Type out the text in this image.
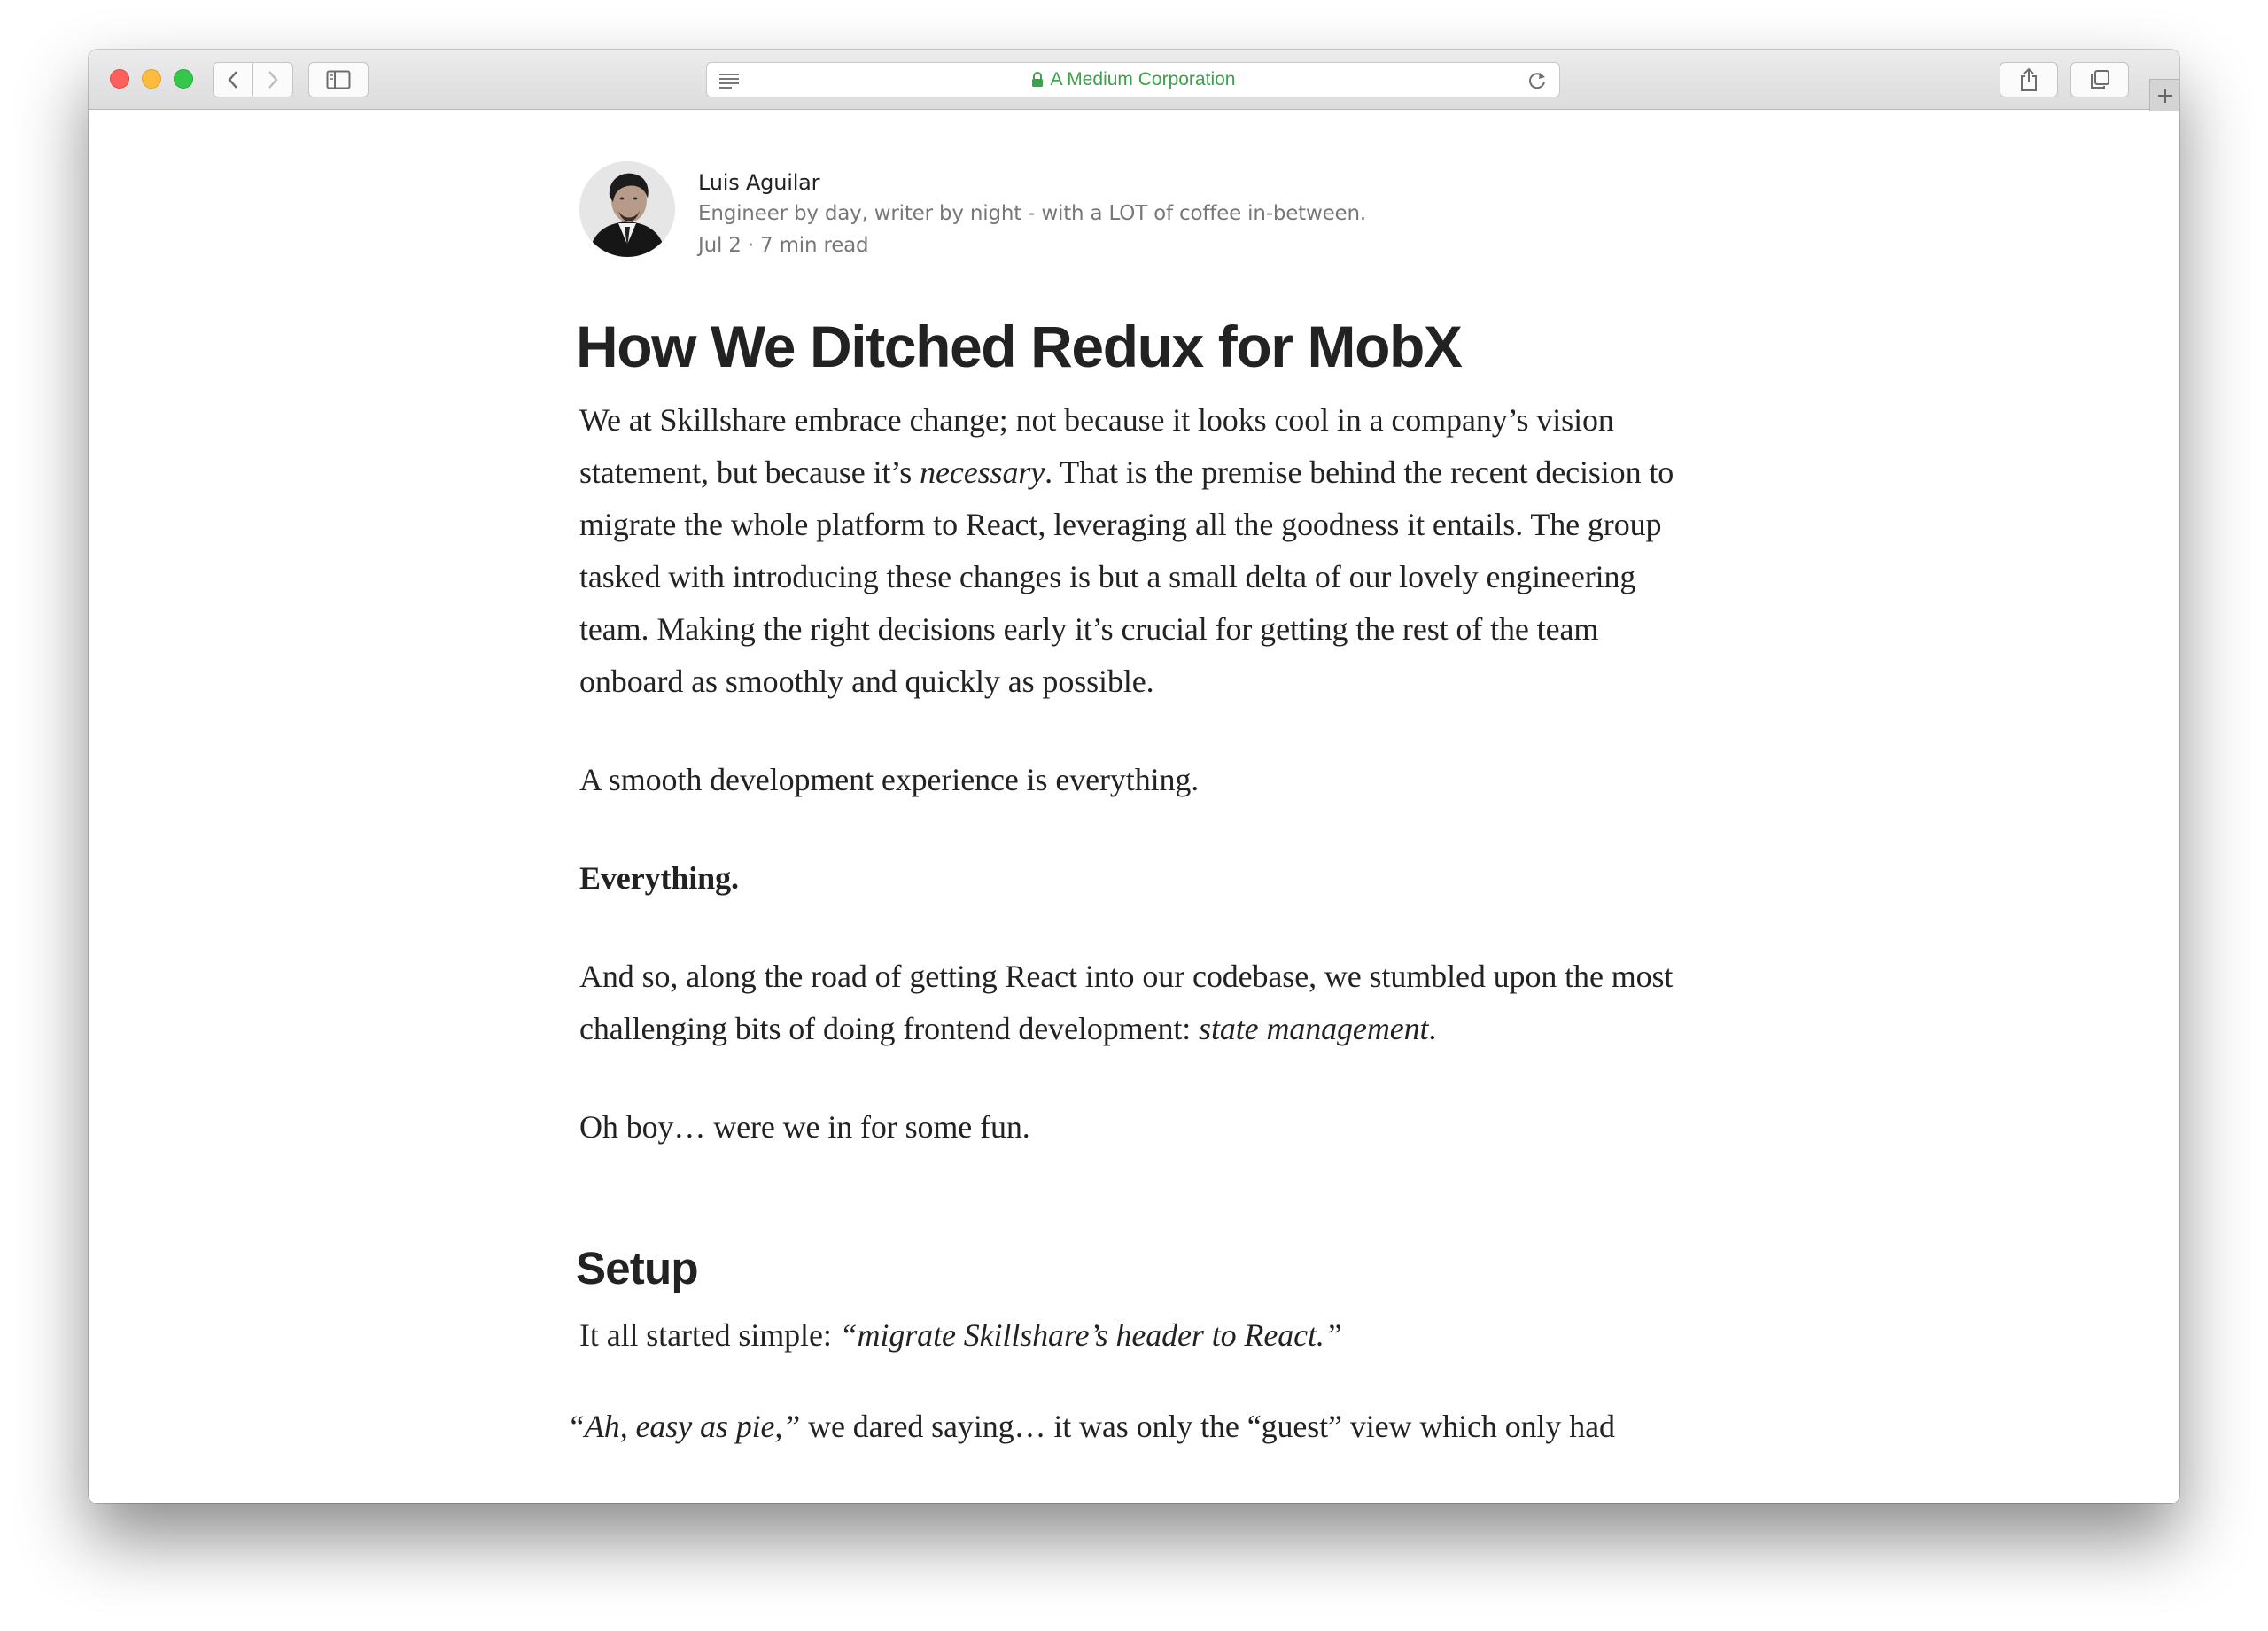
A Medium Corporation
Luis Aguilar
Engineer by day, writer by night - with a LOT of coffee in-between.
Jul 2 · 7 min read
How We Ditched Redux for MobX

We at Skillshare embrace change; not because it looks cool in a company’s vision statement, but because it’s necessary. That is the premise behind the recent decision to migrate the whole platform to React, leveraging all the goodness it entails. The group tasked with introducing these changes is but a small delta of our lovely engineering team. Making the right decisions early it’s crucial for getting the rest of the team onboard as smoothly and quickly as possible.

A smooth development experience is everything.

Everything.

And so, along the road of getting React into our codebase, we stumbled upon the most challenging bits of doing frontend development: state management.

Oh boy… were we in for some fun.

Setup

It all started simple: “migrate Skillshare’s header to React.”

“Ah, easy as pie,” we dared saying… it was only the “guest” view which only had
